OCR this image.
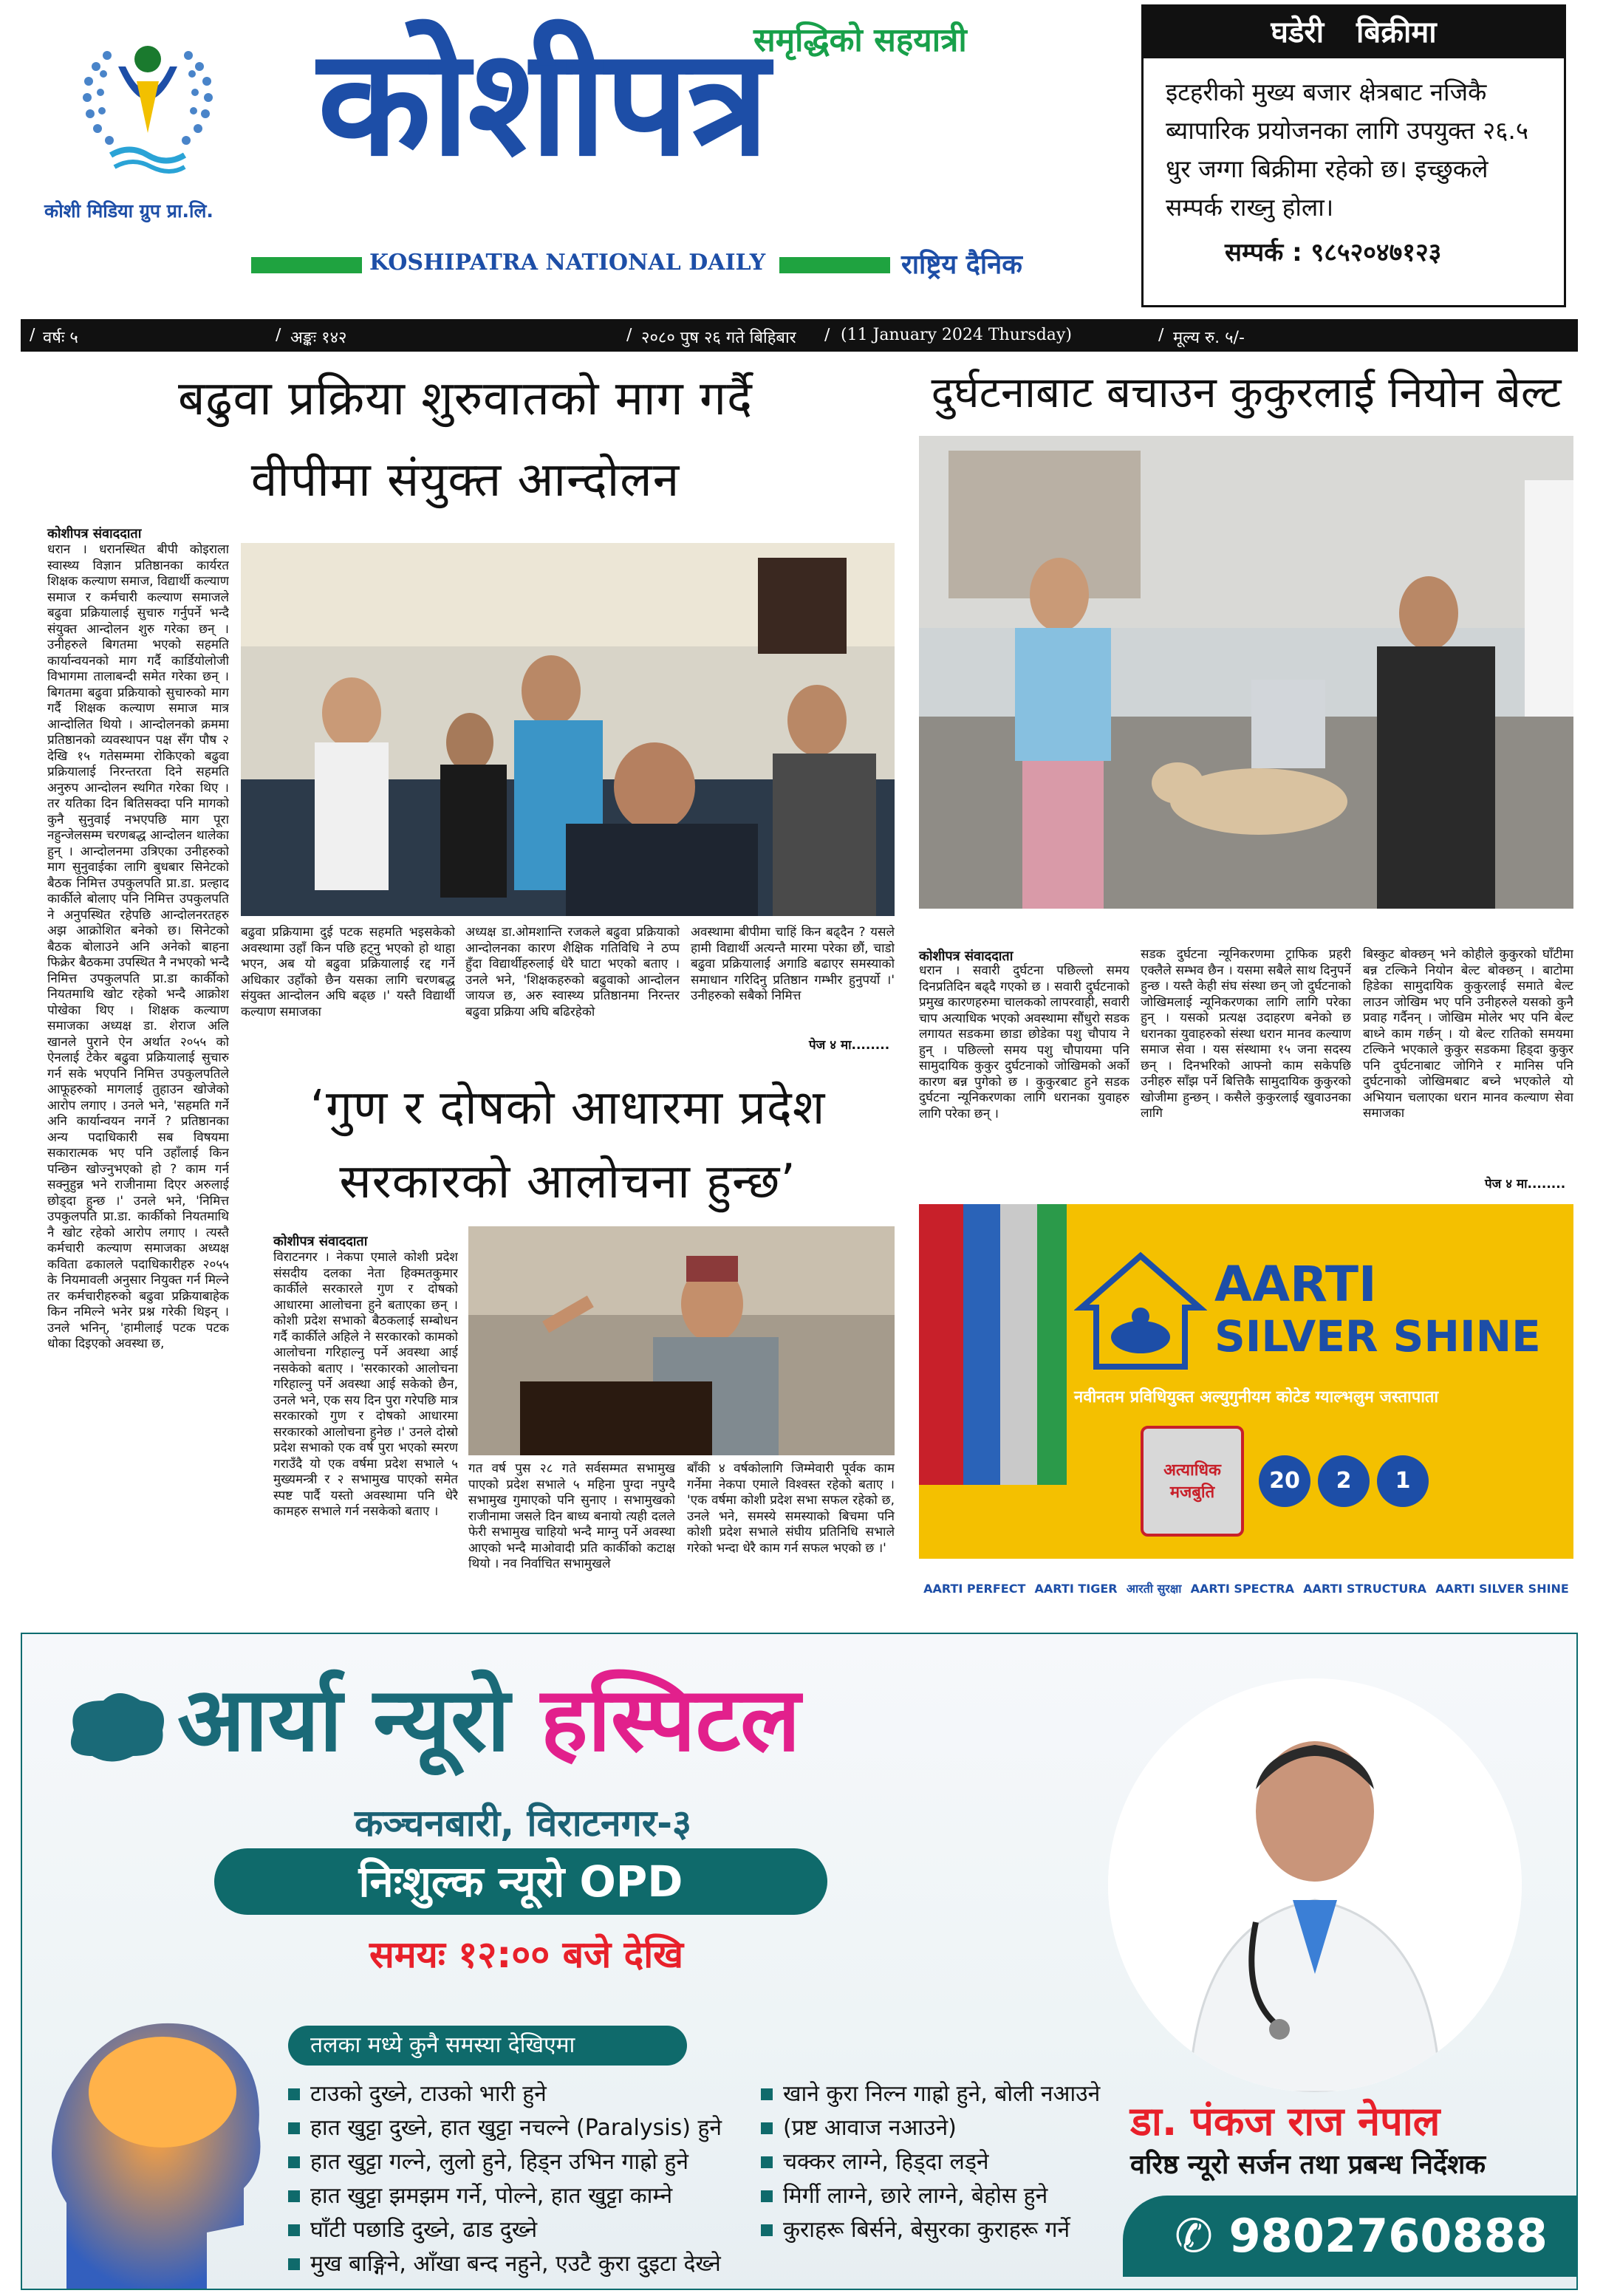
कोशी मिडिया ग्रुप प्रा.लि.
समृद्धिको सहयात्री
कोशीपत्र
KOSHIPATRA NATIONAL DAILY	राष्ट्रिय दैनिक
घडेरी बिक्रीमा
इटहरीको मुख्य बजार क्षेत्रबाट नजिकै ब्यापारिक प्रयोजनका लागि उपयुक्त २६.५ धुर जग्गा बिक्रीमा रहेको छ। इच्छुकले सम्पर्क राख्नु होला।
सम्पर्क : ९८५२०४७१२३
∕ वर्षः ५	∕ अङ्कः १४२	∕ २०८० पुष २६ गते बिहिबार ∕ (11 January 2024 Thursday)	∕ मूल्य रु. ५/-
बढुवा प्रक्रिया शुरुवातको माग गर्दै
वीपीमा संयुक्त आन्दोलन
कोशीपत्र संवाददाता
धरान । धरानस्थित बीपी कोइराला स्वास्थ्य विज्ञान प्रतिष्ठानका कार्यरत शिक्षक कल्याण समाज, विद्यार्थी कल्याण समाज र कर्मचारी कल्याण समाजले बढुवा प्रक्रियालाई सुचारु गर्नुपर्ने भन्दै संयुक्त आन्दोलन शुरु गरेका छन् । उनीहरुले बिगतमा भएको सहमति कार्यान्वयनको माग गर्दै कार्डियोलोजी विभागमा तालाबन्दी समेत गरेका छन् । बिगतमा बढुवा प्रक्रियाको सुचारुको माग गर्दै शिक्षक कल्याण समाज मात्र आन्दोलित थियो । आन्दोलनको क्रममा प्रतिष्ठानको व्यवस्थापन पक्ष सँग पौष २ देखि १५ गतेसम्ममा रोकिएको बढुवा प्रक्रियालाई निरन्तरता दिने सहमति अनुरुप आन्दोलन स्थगित गरेका थिए । तर यतिका दिन बितिसक्दा पनि मागको कुनै सुनुवाई नभएपछि माग पूरा नहुन्जेलसम्म चरणबद्ध आन्दोलन थालेका हुन् । आन्दोलनमा उत्रिएका उनीहरुको माग सुनुवाईका लागि बुधबार सिनेटको बैठक निमित्त उपकुलपति प्रा.डा. प्रल्हाद कार्कीले बोलाए पनि निमित्त उपकुलपति ने अनुपस्थित रहेपछि आन्दोलनरतहरु अझ आक्रोशित बनेको छ। सिनेटको बैठक बोलाउने अनि अनेको बाहना फिक्रेर बैठकमा उपस्थित नै नभएको भन्दै निमित्त उपकुलपति प्रा.डा कार्कीको नियतमाथि खोट रहेको भन्दै आक्रोश पोखेका थिए । शिक्षक कल्याण समाजका अध्यक्ष डा. शेराज अलि खानले पुराने ऐन अर्थात २०५५ को ऐनलाई टेकेर बढुवा प्रक्रियालाई सुचारु गर्न सके भएपनि निमित्त उपकुलपतिले आफूहरुको मागलाई तुहाउन खोजेको आरोप लगाए । उनले भने, 'सहमति गर्ने अनि कार्यान्वयन नगर्ने ? प्रतिष्ठानका अन्य पदाधिकारी सब विषयमा सकारात्मक भए पनि उहाँलाई किन पन्छिन खोज्नुभएको हो ? काम गर्न सक्नुहुन्न भने राजीनामा दिएर अरुलाई छोड्दा हुन्छ ।' उनले भने, 'निमित्त उपकुलपति प्रा.डा. कार्कीको नियतमाथि नै खोट रहेको आरोप लगाए । त्यस्तै कर्मचारी कल्याण समाजका अध्यक्ष कविता ढकालले पदाधिकारीहरु २०५५ के नियमावली अनुसार नियुक्त गर्न मिल्ने तर कर्मचारीहरुको बढुवा प्रक्रियाबाहेक किन नमिल्ने भनेर प्रश्न गरेकी थिइन् । उनले भनिन्, 'हामीलाई पटक पटक धोका दिइएको अवस्था छ,
बढुवा प्रक्रियामा दुई पटक सहमति भइसकेको अवस्थामा उहाँ किन पछि हट्नु भएको हो थाहा भएन, अब यो बढुवा प्रक्रियालाई रद्द गर्ने अधिकार उहाँको छैन यसका लागि चरणबद्ध संयुक्त आन्दोलन अघि बढ्छ ।' यस्तै विद्यार्थी कल्याण समाजका
अध्यक्ष डा.ओमशान्ति रजकले बढुवा प्रक्रियाको आन्दोलनका कारण शैक्षिक गतिविधि ने ठप्प हुँदा विद्यार्थीहरुलाई धेरै घाटा भएको बताए । उनले भने, 'शिक्षकहरुको बढुवाको आन्दोलन जायज छ, अरु स्वास्थ्य प्रतिष्ठानमा निरन्तर बढुवा प्रक्रिया अघि बढिरहेको
अवस्थामा बीपीमा चाहिं किन बढ्दैन ? यसले हामी विद्यार्थी अत्यन्तै मारमा परेका छौं, चाडो बढुवा प्रक्रियालाई अगाडि बढाएर समस्याको समाधान गरिदिनु प्रतिष्ठान गम्भीर हुनुपर्यो ।' उनीहरुको सबैको निमित्त
पेज ४ मा........
‘गुण र दोषको आधारमा प्रदेश
सरकारको आलोचना हुन्छ’
कोशीपत्र संवाददाता
विराटनगर । नेकपा एमाले कोशी प्रदेश संसदीय दलका नेता हिक्मतकुमार कार्कीले सरकारले गुण र दोषको आधारमा आलोचना हुने बताएका छन् । कोशी प्रदेश सभाको बैठकलाई सम्बोधन गर्दै कार्कीले अहिले ने सरकारको कामको आलोचना गरिहाल्नु पर्ने अवस्था आई नसकेको बताए । 'सरकारको आलोचना गरिहाल्नु पर्ने अवस्था आई सकेको छैन, उनले भने, एक सय दिन पुरा गरेपछि मात्र सरकारको गुण र दोषको आधारमा सरकारको आलोचना हुनेछ ।' उनले दोस्रो प्रदेश सभाको एक वर्ष पुरा भएको स्मरण गराउँदै यो एक वर्षमा प्रदेश सभाले ५ मुख्यमन्त्री र २ सभामुख पाएको समेत स्पष्ट पार्दै यस्तो अवस्थामा पनि धेरै कामहरु सभाले गर्न नसकेको बताए ।
गत वर्ष पुस २८ गते सर्वसम्मत सभामुख पाएको प्रदेश सभाले ५ महिना पुग्दा नपुग्दै सभामुख गुमाएको पनि सुनाए । सभामुखको राजीनामा जसले दिन बाध्य बनायो त्यही दलले फेरी सभामुख चाहियो भन्दै माग्नु पर्ने अवस्था आएको भन्दै माओवादी प्रति कार्कीको कटाक्ष थियो । नव निर्वाचित सभामुखले
बाँकी ४ वर्षकोलागि जिम्मेवारी पूर्वक काम गर्नेमा नेकपा एमाले विश्वस्त रहेको बताए । 'एक वर्षमा कोशी प्रदेश सभा सफल रहेको छ, उनले भने, समस्ये समस्याको बिचमा पनि कोशी प्रदेश सभाले संघीय प्रतिनिधि सभाले गरेको भन्दा धेरै काम गर्न सफल भएको छ ।'
दुर्घटनाबाट बचाउन कुकुरलाई नियोन बेल्ट
कोशीपत्र संवाददाता
धरान । सवारी दुर्घटना पछिल्लो समय दिनप्रतिदिन बढ्दै गएको छ । सवारी दुर्घटनाको प्रमुख कारणहरुमा चालकको लापरवाही, सवारी चाप अत्याधिक भएको अवस्थामा सौंधुरो सडक लगायत सडकमा छाडा छोडेका पशु चौपाय ने हुन् । पछिल्लो समय पशु चौपायमा पनि सामुदायिक कुकुर दुर्घटनाको जोखिमको अर्को कारण बन्न पुगेको छ । कुकुरबाट हुने सडक दुर्घटना न्यूनिकरणका लागि धरानका युवाहरु लागि परेका छन् ।
सडक दुर्घटना न्यूनिकरणमा ट्राफिक प्रहरी एक्लैले सम्भव छैन । यसमा सबैले साथ दिनुपर्ने हुन्छ । यस्तै केही संघ संस्था छन् जो दुर्घटनाको जोखिमलाई न्यूनिकरणका लागि लागि परेका हुन् । यसको प्रत्यक्ष उदाहरण बनेको छ धरानका युवाहरुको संस्था धरान मानव कल्याण समाज सेवा । यस संस्थामा १५ जना सदस्य छन् । दिनभरिको आफ्नो काम सकेपछि उनीहरु साँझ पर्ने बित्तिकै सामुदायिक कुकुरको खोजीमा हुन्छन् । कसैले कुकुरलाई खुवाउनका लागि
बिस्कुट बोक्छन् भने कोहीले कुकुरको घाँटीमा बन्न टल्किने नियोन बेल्ट बोक्छन् । बाटोमा हिडेका सामुदायिक कुकुरलाई समाते बेल्ट लाउन जोखिम भए पनि उनीहरुले यसको कुनै प्रवाह गर्दैनन् । जोखिम मोलेर भए पनि बेल्ट बाध्ने काम गर्छन् । यो बेल्ट रातिको समयमा टल्किने भएकाले कुकुर सडकमा हिड्दा कुकुर पनि दुर्घटनाबाट जोगिने र मानिस पनि दुर्घटनाको जोखिमबाट बच्ने भएकोले यो अभियान चलाएका धरान मानव कल्याण सेवा समाजका
पेज ४ मा........
AARTI
SILVER SHINE
नवीनतम प्रविधियुक्त अल्युगुनीयम कोटेड ग्याल्भलुम जस्तापाता
अत्याधिक मजबुति	20	2	1
AARTI PERFECT AARTI TIGER आरती सुरक्षा AARTI SPECTRA AARTI STRUCTURA AARTI SILVER SHINE
आर्या न्यूरो हस्पिटल
कञ्चनबारी, विराटनगर-३
निःशुल्क न्यूरो OPD
समयः १२:०० बजे देखि
तलका मध्ये कुनै समस्या देखिएमा
टाउको दुख्ने, टाउको भारी हुने
हात खुट्टा दुख्ने, हात खुट्टा नचल्ने (Paralysis) हुने
हात खुट्टा गल्ने, लुलो हुने, हिड्न उभिन गाह्रो हुने
हात खुट्टा झमझम गर्ने, पोल्ने, हात खुट्टा काम्ने
घाँटी पछाडि दुख्ने, ढाड दुख्ने
मुख बाङ्गिने, आँखा बन्द नहुने, एउटै कुरा दुइटा देख्ने
खाने कुरा निल्न गाह्रो हुने, बोली नआउने
(प्रष्ट आवाज नआउने)
चक्कर लाग्ने, हिड्दा लड्ने
मिर्गी लाग्ने, छारे लाग्ने, बेहोस हुने
कुराहरू बिर्सने, बेसुरका कुराहरू गर्ने
डा. पंकज राज नेपाल
वरिष्ठ न्यूरो सर्जन तथा प्रबन्ध निर्देशक
✆ 9802760888
